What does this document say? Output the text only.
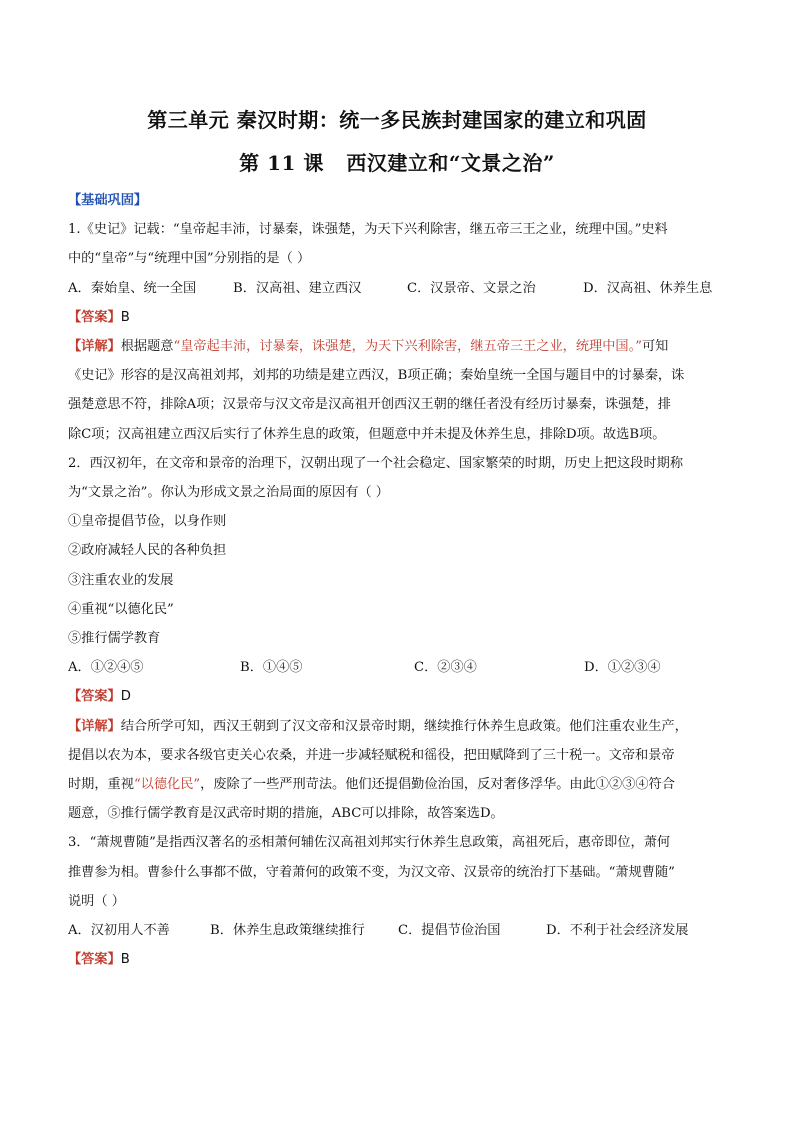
第三单元 秦汉时期：统一多民族封建国家的建立和巩固
第 11 课   西汉建立和“文景之治”
【基础巩固】
1.《史记》记载：“皇帝起丰沛，讨暴秦，诛强楚，为天下兴利除害，继五帝三王之业，统理中国。”史料
中的“皇帝”与“统理中国”分别指的是（ ）
A．秦始皇、统一全国	B．汉高祖、建立西汉	C．汉景帝、文景之治	D．汉高祖、休养生息
【答案】B
【详解】根据题意“皇帝起丰沛，讨暴秦，诛强楚，为天下兴利除害，继五帝三王之业，统理中国。”可知
《史记》形容的是汉高祖刘邦，刘邦的功绩是建立西汉，B项正确；秦始皇统一全国与题目中的讨暴秦，诛
强楚意思不符，排除A项；汉景帝与汉文帝是汉高祖开创西汉王朝的继任者没有经历讨暴秦，诛强楚，排
除C项；汉高祖建立西汉后实行了休养生息的政策，但题意中并未提及休养生息，排除D项。故选B项。
2．西汉初年，在文帝和景帝的治理下，汉朝出现了一个社会稳定、国家繁荣的时期，历史上把这段时期称
为“文景之治”。你认为形成文景之治局面的原因有（ ）
①皇帝提倡节俭，以身作则
②政府减轻人民的各种负担
③注重农业的发展
④重视“以德化民”
⑤推行儒学教育
A．①②④⑤	B．①④⑤	C．②③④	D．①②③④
【答案】D
【详解】结合所学可知，西汉王朝到了汉文帝和汉景帝时期，继续推行休养生息政策。他们注重农业生产，
提倡以农为本，要求各级官吏关心农桑，并进一步减轻赋税和徭役，把田赋降到了三十税一。文帝和景帝
时期，重视“以德化民”，废除了一些严刑苛法。他们还提倡勤俭治国，反对奢侈浮华。由此①②③④符合
题意，⑤推行儒学教育是汉武帝时期的措施，ABC可以排除，故答案选D。
3．“萧规曹随”是指西汉著名的丞相萧何辅佐汉高祖刘邦实行休养生息政策，高祖死后，惠帝即位，萧何
推曹参为相。曹参什么事都不做，守着萧何的政策不变，为汉文帝、汉景帝的统治打下基础。“萧规曹随”
说明（ ）
A．汉初用人不善	B．休养生息政策继续推行	C．提倡节俭治国	D．不利于社会经济发展
【答案】B
